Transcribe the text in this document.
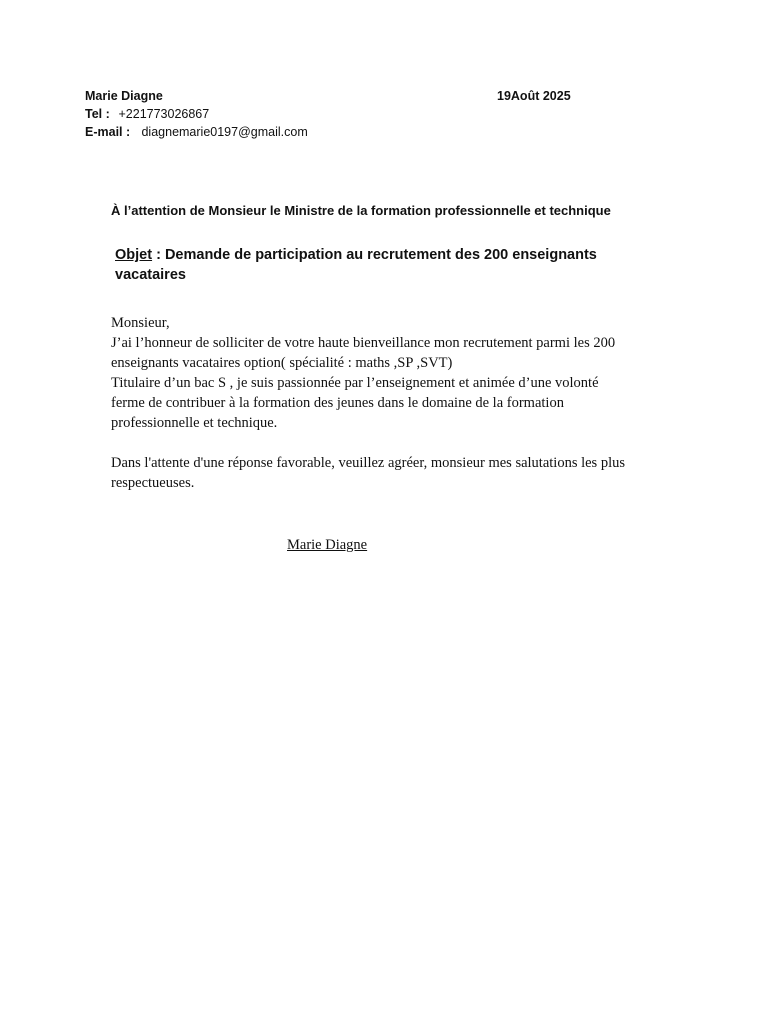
Marie Diagne
Tel : +221773026867
E-mail : diagnemarie0197@gmail.com
19Août 2025
À l’attention de Monsieur le Ministre de la formation professionnelle et technique
Objet : Demande de participation au recrutement des 200 enseignants vacataires

Monsieur,

J’ai l’honneur de solliciter de votre haute bienveillance mon recrutement parmi les 200

enseignants vacataires option( spécialité : maths ,SP ,SVT)

Titulaire d’un bac S , je suis passionnée par l’enseignement et animée d’une volonté

ferme de contribuer à la formation des jeunes dans le domaine de la formation

professionnelle et technique.

Dans l'attente d'une réponse favorable, veuillez agréer, monsieur mes salutations les plus

respectueuses.

Marie Diagne
